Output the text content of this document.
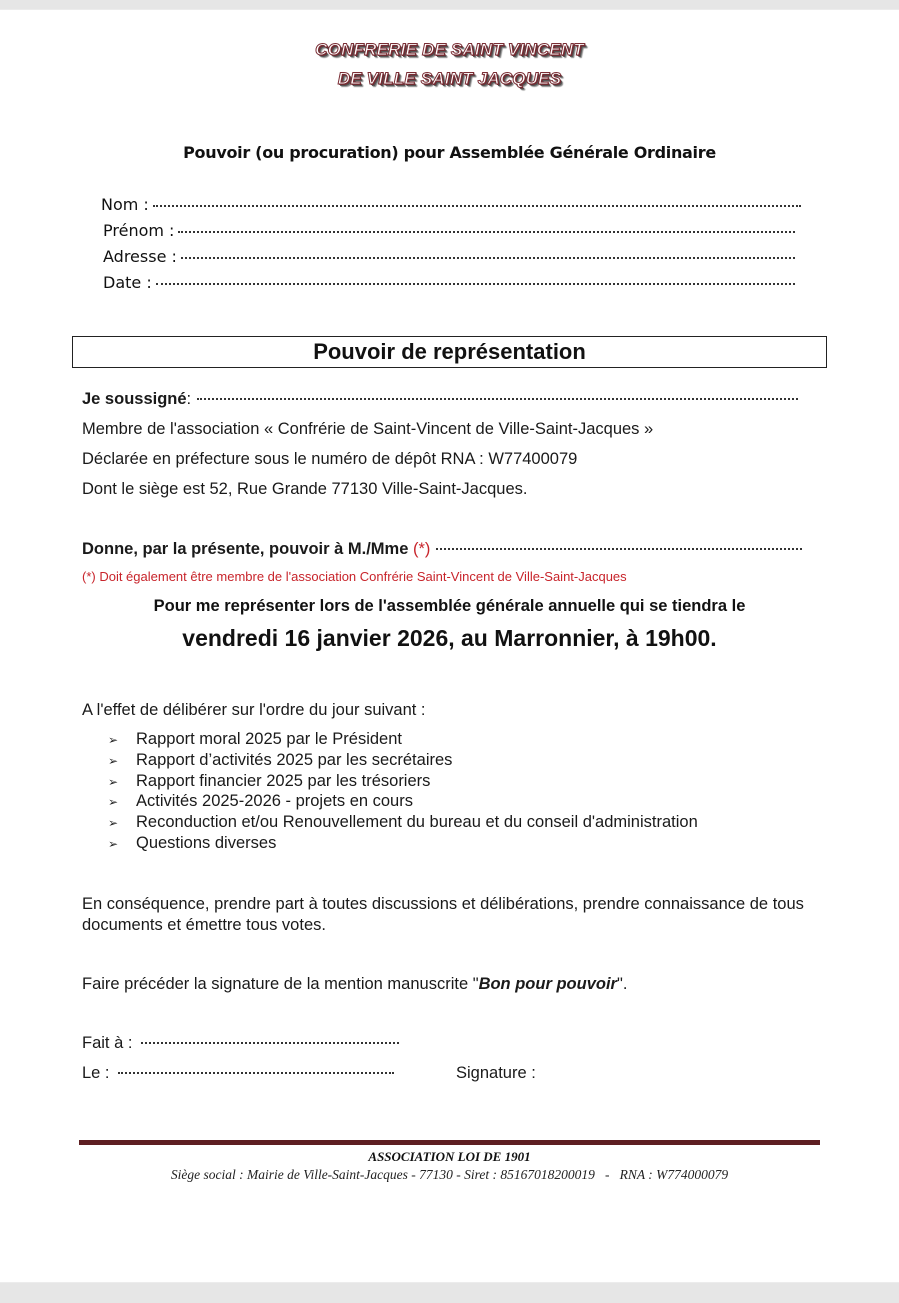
CONFRERIE DE SAINT VINCENT
DE VILLE SAINT JACQUES
Pouvoir (ou procuration) pour Assemblée Générale Ordinaire
Nom :
Prénom :
Adresse :
Date :
Pouvoir de représentation
Je soussigné :
Membre de l'association « Confrérie de Saint-Vincent de Ville-Saint-Jacques »
Déclarée en préfecture sous le numéro de dépôt RNA : W77400079
Dont le siège est 52, Rue Grande 77130 Ville-Saint-Jacques.
Donne, par la présente, pouvoir à M./Mme
(*)
(*) Doit également être membre de l'association Confrérie Saint-Vincent de Ville-Saint-Jacques
Pour me représenter lors de l'assemblée générale annuelle qui se tiendra le
vendredi 16 janvier 2026, au Marronnier, à 19h00.
A l'effet de délibérer sur l'ordre du jour suivant :
➢	Rapport moral 2025 par le Président
➢	Rapport d’activités 2025 par les secrétaires
➢	Rapport financier 2025 par les trésoriers
➢	Activités 2025-2026 - projets en cours
➢	Reconduction et/ou Renouvellement du bureau et du conseil d'administration
➢	Questions diverses
En conséquence, prendre part à toutes discussions et délibérations, prendre connaissance de tous documents et émettre tous votes.
Faire précéder la signature de la mention manuscrite "Bon pour pouvoir".
Fait à :
Le :	Signature :
ASSOCIATION LOI DE 1901
Siège social : Mairie de Ville-Saint-Jacques - 77130 - Siret : 85167018200019   -   RNA : W774000079
